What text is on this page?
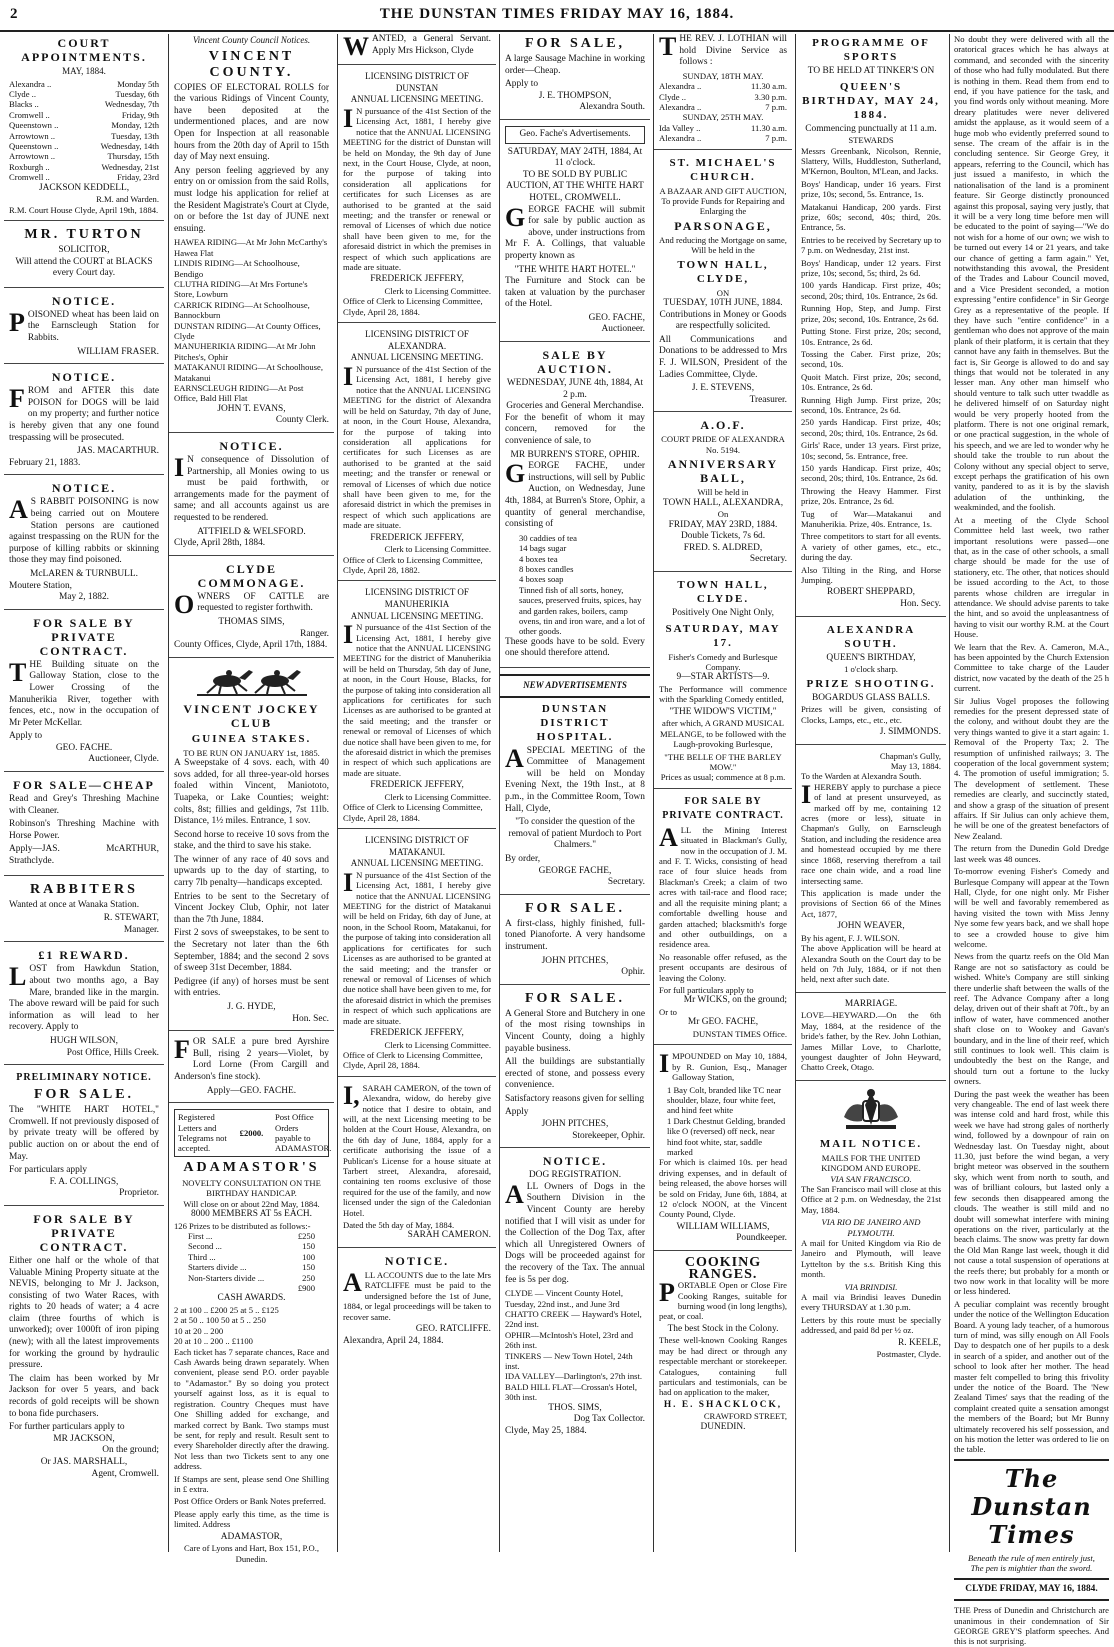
2	THE DUNSTAN TIMES FRIDAY MAY 16, 1884.
COURT APPOINTMENTS.
MAY, 1884.
Alexandra ..	Monday 5th
Clyde ..	Tuesday, 6th
Blacks ..	Wednesday, 7th
Cromwell ..	Friday, 9th
Queenstown ..	Monday, 12th
Arrowtown ..	Tuesday, 13th
Queenstown ..	Wednesday, 14th
Arrowtown ..	Thursday, 15th
Roxburgh ..	Wednesday, 21st
Cromwell ..	Friday, 23rd
JACKSON KEDDELL,
R.M. and Warden.
R.M. Court House Clyde, April 19th, 1884.
MR. TURTON
SOLICITOR,

Will attend the COURT at BLACKS every Court day.

NOTICE.

POISONED wheat has been laid on the Earnscleugh Station for Rabbits.

WILLIAM FRASER.
NOTICE.

FROM and AFTER this date POISON for DOGS will be laid on my property; and further notice is hereby given that any one found trespassing will be prosecuted.

JAS. MACARTHUR.
February 21, 1883.
NOTICE.

AS RABBIT POISONING is now being carried out on Moutere Station persons are cautioned against trespassing on the RUN for the purpose of killing rabbits or skinning those they may find poisoned.

McLAREN & TURNBULL.
Moutere Station,
May 2, 1882.
FOR SALE BY PRIVATE CONTRACT.

THE Building situate on the Galloway Station, close to the Lower Crossing of the Manuherikia River, together with fences, etc., now in the occupation of Mr Peter McKellar.

Apply to
GEO. FACHE.
Auctioneer, Clyde.
FOR SALE—CHEAP

Read and Grey's Threshing Machine with Cleaner.

Robinson's Threshing Machine with Horse Power.

Apply—JAS. McARTHUR, Strathclyde.

RABBITERS

Wanted at once at Wanaka Station.

R. STEWART,
Manager.
£1 REWARD.

LOST from Hawkdun Station, about two months ago, a Bay Mare, branded like in the margin. The above reward will be paid for such information as will lead to her recovery. Apply to

HUGH WILSON,
Post Office, Hills Creek.
PRELIMINARY NOTICE.
FOR SALE.

The "WHITE HART HOTEL," Cromwell. If not previously disposed of by private treaty will be offered by public auction on or about the end of May.

For particulars apply
F. A. COLLINGS,
Proprietor.
FOR SALE BY PRIVATE CONTRACT.

Either one half or the whole of that Valuable Mining Property situate at the NEVIS, belonging to Mr J. Jackson, consisting of two Water Races, with rights to 20 heads of water; a 4 acre claim (three fourths of which is unworked); over 1000ft of iron piping (new); with all the latest improvements for working the ground by hydraulic pressure.

The claim has been worked by Mr Jackson for over 5 years, and back records of gold receipts will be shown to bona fide purchasers.

For further particulars apply to
MR JACKSON,
On the ground;
Or JAS. MARSHALL,
Agent, Cromwell.
Vincent County Council Notices.
VINCENT COUNTY.

COPIES OF ELECTORAL ROLLS for the various Ridings of Vincent County, have been deposited at the undermentioned places, and are now Open for Inspection at all reasonable hours from the 20th day of April to 15th day of May next ensuing.

Any person feeling aggrieved by any entry on or omission from the said Rolls, must lodge his application for relief at the Resident Magistrate's Court at Clyde, on or before the 1st day of JUNE next ensuing.

HAWEA RIDING—At Mr John McCarthy's Hawea Flat
LINDIS RIDING—At Schoolhouse, Bendigo
CLUTHA RIDING—At Mrs Fortune's Store, Lowburn
CARRICK RIDING—At Schoolhouse, Bannockburn
DUNSTAN RIDING—At County Offices, Clyde
MANUHERIKIA RIDING—At Mr John Pitches's, Ophir
MATAKANUI RIDING—At Schoolhouse, Matakanui
EARNSCLEUGH RIDING—At Post Office, Bald Hill Flat
JOHN T. EVANS,
County Clerk.
NOTICE.

IN consequence of Dissolution of Partnership, all Monies owing to us must be paid forthwith, or arrangements made for the payment of same; and all accounts against us are requested to be rendered.

ATTFIELD & WELSFORD.
Clyde, April 28th, 1884.
CLYDE COMMONAGE.

OWNERS OF CATTLE are requested to register forthwith.

THOMAS SIMS,
Ranger.
County Offices, Clyde, April 17th, 1884.
VINCENT JOCKEY CLUB
GUINEA STAKES.
TO BE RUN ON JANUARY 1st, 1885.

A Sweepstake of 4 sovs. each, with 40 sovs added, for all three-year-old horses foaled within Vincent, Maniototo, Tuapeka, or Lake Counties; weight: colts, 8st; fillies and geldings, 7st 11lb. Distance, 1½ miles. Entrance, 1 sov.

Second horse to receive 10 sovs from the stake, and the third to save his stake.

The winner of any race of 40 sovs and upwards up to the day of starting, to carry 7lb penalty—handicaps excepted.

Entries to be sent to the Secretary of Vincent Jockey Club, Ophir, not later than the 7th June, 1884.

First 2 sovs of sweepstakes, to be sent to the Secretary not later than the 6th September, 1884; and the second 2 sovs of sweep 31st December, 1884.

Pedigree (if any) of horses must be sent with entries.

J. G. HYDE,
Hon. Sec.

FOR SALE a pure bred Ayrshire Bull, rising 2 years—Violet, by Lord Lorne (From Cargill and Anderson's fine stock).

Apply—GEO. FACHE.
Registered Letters and Telegrams not accepted.
£2000.
Post Office Orders payable to ADAMASTOR.
ADAMASTOR'S
NOVELTY CONSULTATION ON THE BIRTHDAY HANDICAP.
Will close on or about 22nd May, 1884.
8000 MEMBERS AT 5s EACH.
126 Prizes to be distributed as follows:-
First ...	£250
Second ...	150
Third ...	100
Starters divide ...	150
Non-Starters divide ...	250
£900
CASH AWARDS.
2 at 100 .. £200 25 at 5 .. £125
2 at 50 .. 100 50 at 5 .. 250
10 at 20 .. 200
20 at 10 .. 200 .. £1100

Each ticket has 7 separate chances, Race and Cash Awards being drawn separately. When convenient, please send P.O. order payable to "Adamastor." By so doing you protect yourself against loss, as it is equal to registration. Country Cheques must have One Shilling added for exchange, and marked correct by Bank. Two stamps must be sent, for reply and result. Result sent to every Shareholder directly after the drawing. Not less than two Tickets sent to any one address.

If Stamps are sent, please send One Shilling in £ extra.

Post Office Orders or Bank Notes preferred.

Please apply early this time, as the time is limited. Address

ADAMASTOR,
Care of Lyons and Hart, Box 151, P.O., Dunedin.

WANTED, a General Servant. Apply Mrs Hickson, Clyde

LICENSING DISTRICT OF DUNSTAN
ANNUAL LICENSING MEETING.

IN pursuance of the 41st Section of the Licensing Act, 1881, I hereby give notice that the ANNUAL LICENSING MEETING for the district of Dunstan will be held on Monday, the 9th day of June next, in the Court House, Clyde, at noon, for the purpose of taking into consideration all applications for certificates for such Licenses as are authorised to be granted at the said meeting; and the transfer or renewal or removal of Licenses of which due notice shall have been given to me, for the aforesaid district in which the premises in respect of which such applications are made are situate.

FREDERICK JEFFERY,
Clerk to Licensing Committee.
Office of Clerk to Licensing Committee, Clyde, April 28, 1884.
LICENSING DISTRICT OF ALEXANDRA.
ANNUAL LICENSING MEETING.

IN pursuance of the 41st Section of the Licensing Act, 1881, I hereby give notice that the ANNUAL LICENSING MEETING for the district of Alexandra will be held on Saturday, 7th day of June, at noon, in the Court House, Alexandra, for the purpose of taking into consideration all applications for certificates for such Licenses as are authorised to be granted at the said meeting; and the transfer or renewal or removal of Licenses of which due notice shall have been given to me, for the aforesaid district in which the premises in respect of which such applications are made are situate.

FREDERICK JEFFERY,
Clerk to Licensing Committee.
Office of Clerk to Licensing Committee, Clyde, April 28, 1882.
LICENSING DISTRICT OF MANUHERIKIA
ANNUAL LICENSING MEETING.

IN pursuance of the 41st Section of the Licensing Act, 1881, I hereby give notice that the ANNUAL LICENSING MEETING for the district of Manuherikia will be held on Thursday, 5th day of June, at noon, in the Court House, Blacks, for the purpose of taking into consideration all applications for certificates for such Licenses as are authorised to be granted at the said meeting; and the transfer or renewal or removal of Licenses of which due notice shall have been given to me, for the aforesaid district in which the premises in respect of which such applications are made are situate.

FREDERICK JEFFERY,
Clerk to Licensing Committee.
Office of Clerk to Licensing Committee, Clyde, April 28, 1884.
LICENSING DISTRICT OF MATAKANUI.
ANNUAL LICENSING MEETING.

IN pursuance of the 41st Section of the Licensing Act, 1881, I hereby give notice that the ANNUAL LICENSING MEETING for the district of Matakanui will be held on Friday, 6th day of June, at noon, in the School Room, Matakanui, for the purpose of taking into consideration all applications for certificates for such Licenses as are authorised to be granted at the said meeting; and the transfer or renewal or removal of Licenses of which due notice shall have been given to me, for the aforesaid district in which the premises in respect of which such applications are made are situate.

FREDERICK JEFFERY,
Clerk to Licensing Committee.
Office of Clerk to Licensing Committee, Clyde, April 28, 1884.

I,SARAH CAMERON, of the town of Alexandra, widow, do hereby give notice that I desire to obtain, and will, at the next Licensing meeting to be holden at the Court House, Alexandra, on the 6th day of June, 1884, apply for a certificate authorising the issue of a Publican's License for a house situate at Tarbert street, Alexandra, aforesaid, containing ten rooms exclusive of those required for the use of the family, and now licensed under the sign of the Caledonian Hotel.

Dated the 5th day of May, 1884.
SARAH CAMERON.
NOTICE.

ALL ACCOUNTS due to the late Mrs RATCLIFFE must be paid to the undersigned before the 1st of June, 1884, or legal proceedings will be taken to recover same.

GEO. RATCLIFFE.
Alexandra, April 24, 1884.
FOR SALE,

A large Sausage Machine in working order—Cheap.

Apply to
J. E. THOMPSON,
Alexandra South.
Geo. Fache's Advertisements.
SATURDAY, MAY 24TH, 1884, At 11 o'clock.
TO BE SOLD BY PUBLIC AUCTION, AT THE WHITE HART HOTEL, CROMWELL.

GEORGE FACHE will submit for sale by public auction as above, under instructions from Mr F. A. Collings, that valuable property known as

"THE WHITE HART HOTEL."

The Furniture and Stock can be taken at valuation by the purchaser of the Hotel.

GEO. FACHE,
Auctioneer.
SALE BY AUCTION.
WEDNESDAY, JUNE 4th, 1884, At 2 p.m.
Groceries and General Merchandise.

For the benefit of whom it may concern, removed for the convenience of sale, to

MR BURREN'S STORE, OPHIR.

GEORGE FACHE, under instructions, will sell by Public Auction, on Wednesday, June 4th, 1884, at Burren's Store, Ophir, a quantity of general merchandise, consisting of

30 caddies of tea
14 bags sugar
4 boxes tea
8 boxes candles
4 boxes soap
Tinned fish of all sorts, honey, sauces, preserved fruits, spices, hay and garden rakes, boilers, camp ovens, tin and iron ware, and a lot of other goods.

These goods have to be sold. Every one should therefore attend.

NEW ADVERTISEMENTS
DUNSTAN DISTRICT HOSPITAL.

ASPECIAL MEETING of the Committee of Management will be held on Monday Evening Next, the 19th Inst., at 8 p.m., in the Committee Room, Town Hall, Clyde,

"To consider the question of the removal of patient Murdoch to Port Chalmers."

By order,
GEORGE FACHE,
Secretary.
FOR SALE.

A first-class, highly finished, full-toned Pianoforte. A very handsome instrument.

JOHN PITCHES,
Ophir.
FOR SALE.

A General Store and Butchery in one of the most rising townships in Vincent County, doing a highly payable business.

All the buildings are substantially erected of stone, and possess every convenience.

Satisfactory reasons given for selling

Apply
JOHN PITCHES,
Storekeeper, Ophir.
NOTICE.
DOG REGISTRATION.

ALL Owners of Dogs in the Southern Division in the Vincent County are hereby notified that I will visit as under for the Collection of the Dog Tax, after which all Unregistered Owners of Dogs will be proceeded against for the recovery of the Tax. The annual fee is 5s per dog.

CLYDE — Vincent County Hotel, Tuesday, 22nd inst., and June 3rd
CHATTO CREEK — Hayward's Hotel, 22nd inst.
OPHIR—McIntosh's Hotel, 23rd and 26th inst.
TINKERS — New Town Hotel, 24th inst.
IDA VALLEY—Darlington's, 27th inst.
BALD HILL FLAT—Crossan's Hotel, 30th inst.
THOS. SIMS,
Dog Tax Collector.
Clyde, May 25, 1884.

THE REV. J. LOTHIAN will hold Divine Service as follows :

SUNDAY, 18TH MAY.
Alexandra ..	11.30 a.m.
Clyde ..	3.30 p.m.
Alexandra ..	7 p.m.
SUNDAY, 25TH MAY.
Ida Valley ..	11.30 a.m.
Alexandra ..	7 p.m.
ST. MICHAEL'S CHURCH.
A BAZAAR AND GIFT AUCTION,
To provide Funds for Repairing and Enlarging the
PARSONAGE,
And reducing the Mortgage on same, Will be held in the
TOWN HALL, CLYDE,
ON
TUESDAY, 10TH JUNE, 1884.

Contributions in Money or Goods are respectfully solicited.

All Communications and Donations to be addressed to Mrs F. J. WILSON, President of the Ladies Committee, Clyde.

J. E. STEVENS,
Treasurer.
A.O.F.
COURT PRIDE OF ALEXANDRA No. 5194.
ANNIVERSARY BALL,
Will be held in
TOWN HALL, ALEXANDRA,
On
FRIDAY, MAY 23RD, 1884.
Double Tickets, 7s 6d.
FRED. S. ALDRED,
Secretary.
TOWN HALL, CLYDE.
Positively One Night Only,
SATURDAY, MAY 17.
Fisher's Comedy and Burlesque Company.
9—STAR ARTISTS—9.

The Performance will commence with the Sparkling Comedy entitled,

"THE WIDOW'S VICTIM,"

after which, A GRAND MUSICAL MELANGE, to be followed with the Laugh-provoking Burlesque,

"THE BELLE OF THE BARLEY MOW."
Prices as usual; commence at 8 p.m.
FOR SALE BY PRIVATE CONTRACT.

ALL the Mining Interest situated in Blackman's Gully, now in the occupation of J. M. and F. T. Wicks, consisting of head race of four sluice heads from Blackman's Creek; a claim of two acres with tail-race and flood race; and all the requisite mining plant; a comfortable dwelling house and garden attached; blacksmith's forge and other outbuildings, on a residence area.

No reasonable offer refused, as the present occupants are desirous of leaving the Colony.

For full particulars apply to
Mr WICKS, on the ground;
Or to
Mr GEO. FACHE,
DUNSTAN TIMES Office.

IMPOUNDED on May 10, 1884, by R. Gunion, Esq., Manager Galloway Station,

1 Bay Colt, branded like TC near shoulder, blaze, four white feet, and hind feet white
1 Dark Chestnut Gelding, branded like O (reversed) off neck, near hind foot white, star, saddle marked

For which is claimed 10s. per head driving expenses, and in default of being released, the above horses will be sold on Friday, June 6th, 1884, at 12 o'clock NOON, at the Vincent County Pound, Clyde.

WILLIAM WILLIAMS,
Poundkeeper.
COOKING RANGES.

PORTABLE Open or Close Fire Cooking Ranges, suitable for burning wood (in long lengths), peat, or coal.

The best Stock in the Colony.

These well-known Cooking Ranges may be had direct or through any respectable merchant or storekeeper. Catalogues, containing full particulars and testimonials, can be had on application to the maker,

H. E. SHACKLOCK,
CRAWFORD STREET,
DUNEDIN.
PROGRAMME OF SPORTS
TO BE HELD AT TINKER'S ON
QUEEN'S BIRTHDAY, MAY 24, 1884.
Commencing punctually at 11 a.m.
STEWARDS

Messrs Greenbank, Nicolson, Rennie, Slattery, Wills, Huddleston, Sutherland, M'Kernon, Boulton, M'Lean, and Jacks.

Boys' Handicap, under 16 years. First prize, 10s; second, 5s. Entrance, 1s.

Matakanui Handicap, 200 yards. First prize, 60s; second, 40s; third, 20s. Entrance, 5s.

Entries to be received by Secretary up to 7 p.m. on Wednesday, 21st inst.

Boys' Handicap, under 12 years. First prize, 10s; second, 5s; third, 2s 6d.

100 yards Handicap. First prize, 40s; second, 20s; third, 10s. Entrance, 2s 6d.

Running Hop, Step, and Jump. First prize, 20s; second, 10s. Entrance, 2s 6d.

Putting Stone. First prize, 20s; second, 10s. Entrance, 2s 6d.

Tossing the Caber. First prize, 20s; second, 10s.

Quoit Match. First prize, 20s; second, 10s. Entrance, 2s 6d.

Running High Jump. First prize, 20s; second, 10s. Entrance, 2s 6d.

250 yards Handicap. First prize, 40s; second, 20s; third, 10s. Entrance, 2s 6d.

Girls' Race, under 13 years. First prize, 10s; second, 5s. Entrance, free.

150 yards Handicap. First prize, 40s; second, 20s; third, 10s. Entrance, 2s 6d.

Throwing the Heavy Hammer. First prize, 20s. Entrance, 2s 6d.

Tug of War—Matakanui and Manuherikia. Prize, 40s. Entrance, 1s.

Three competitors to start for all events. A variety of other games, etc., etc., during the day.

Also Tilting in the Ring, and Horse Jumping.

ROBERT SHEPPARD,
Hon. Secy.
ALEXANDRA SOUTH.
QUEEN'S BIRTHDAY,
1 o'clock sharp.
PRIZE SHOOTING.
BOGARDUS GLASS BALLS.

Prizes will be given, consisting of Clocks, Lamps, etc., etc., etc.

J. SIMMONDS.
Chapman's Gully,
May 13, 1884.
To the Warden at Alexandra South.

IHEREBY apply to purchase a piece of land at present unsurveyed, as marked off by me, containing 12 acres (more or less), situate in Chapman's Gully, on Earnscleugh Station, and including the residence area and homestead occupied by me there since 1868, reserving therefrom a tail race one chain wide, and a road line intersecting same.

This application is made under the provisions of Section 66 of the Mines Act, 1877,

JOHN WEAVER,
By his agent, F. J. WILSON.

The above Application will be heard at Alexandra South on the Court day to be held on 7th July, 1884, or if not then held, next after such date.

MARRIAGE.

LOVE—HEYWARD.—On the 6th May, 1884, at the residence of the bride's father, by the Rev. John Lothian, James Millar Love, to Charlotte, youngest daughter of John Heyward, Chatto Creek, Otago.

MAIL NOTICE.
MAILS FOR THE UNITED KINGDOM AND EUROPE.
VIA SAN FRANCISCO.

The San Francisco mail will close at this Office at 2 p.m. on Wednesday, the 21st May, 1884.

VIA RIO DE JANEIRO AND PLYMOUTH.

A mail for United Kingdom via Rio de Janeiro and Plymouth, will leave Lyttelton by the s.s. British King this month.

VIA BRINDISI.

A mail via Brindisi leaves Dunedin every THURSDAY at 1.30 p.m.

Letters by this route must be specially addressed, and paid 8d per ½ oz.

R. KEELE,
Postmaster, Clyde.

No doubt they were delivered with all the oratorical graces which he has always at command, and seconded with the sincerity of those who had fully modulated. But there is nothing in them. Read them from end to end, if you have patience for the task, and you find words only without meaning. More dreary platitudes were never delivered amidst the applause, as it would seem of a huge mob who evidently preferred sound to sense. The cream of the affair is in the concluding sentence. Sir George Grey, it appears, referring to the Council, which has just issued a manifesto, in which the nationalisation of the land is a prominent feature. Sir George distinctly pronounced against this proposal, saying very justly, that it will be a very long time before men will be educated to the point of saying—"We do not wish for a home of our own; we wish to be turned out every 14 or 21 years, and take our chance of getting a farm again." Yet, notwithstanding this avowal, the President of the Trades and Labour Council moved, and a Vice President seconded, a motion expressing "entire confidence" in Sir George Grey as a representative of the people. If they have such "entire confidence" in a gentleman who does not approve of the main plank of their platform, it is certain that they cannot have any faith in themselves. But the fact is, Sir George is allowed to do and say things that would not be tolerated in any lesser man. Any other man himself who should venture to talk such utter twaddle as he delivered himself of on Saturday night would be very properly hooted from the platform. There is not one original remark, or one practical suggestion, in the whole of his speech, and we are led to wonder why he should take the trouble to run about the Colony without any special object to serve, except perhaps the gratification of his own vanity, pandered to as it is by the slavish adulation of the unthinking, the weakminded, and the foolish.

At a meeting of the Clyde School Committee held last week, two rather important resolutions were passed—one that, as in the case of other schools, a small charge should be made for the use of stationery, etc. The other, that notices should be issued according to the Act, to those parents whose children are irregular in attendance. We should advise parents to take the hint, and so avoid the unpleasantness of having to visit our worthy R.M. at the Court House.

We learn that the Rev. A. Cameron, M.A., has been appointed by the Church Extension Committee to take charge of the Lauder district, now vacated by the death of the 25 h current.

Sir Julius Vogel proposes the following remedies for the present depressed state of the colony, and without doubt they are the very things wanted to give it a start again: 1. Removal of the Property Tax; 2. The resumption of unfinished railways; 3. The cooperation of the local government system; 4. The promotion of useful immigration; 5. The development of settlement. These remedies are clearly, and succinctly stated, and show a grasp of the situation of present affairs. If Sir Julius can only achieve them, he will be one of the greatest benefactors of New Zealand.

The return from the Dunedin Gold Dredge last week was 48 ounces.

To-morrow evening Fisher's Comedy and Burlesque Company will appear at the Town Hall, Clyde, for one night only. Mr Fisher will be well and favorably remembered as having visited the town with Miss Jenny Nye some few years back, and we shall hope to see a crowded house to give him welcome.

News from the quartz reefs on the Old Man Range are not so satisfactory as could be wished. White's Company are still sinking there underlie shaft between the walls of the reef. The Advance Company after a long delay, driven out of their shaft at 70ft., by an inflow of water, have commenced another shaft close on to Wookey and Gavan's boundary, and in the line of their reef, which still continues to look well. This claim is undoubtedly the best on the Range, and should turn out a fortune to the lucky owners.

During the past week the weather has been very changeable. The end of last week there was intense cold and hard frost, while this week we have had strong gales of northerly wind, followed by a downpour of rain on Wednesday last. On Tuesday night, about 11.30, just before the wind began, a very bright meteor was observed in the southern sky, which went from north to south, and was of brilliant colours, but lasted only a few seconds then disappeared among the clouds. The weather is still mild and no doubt will somewhat interfere with mining operations on the river, particularly at the beach claims. The snow was pretty far down the Old Man Range last week, though it did not cause a total suspension of operations at the reefs there; but probably for a month or two now work in that locality will be more or less hindered.

A peculiar complaint was recently brought under the notice of the Wellington Education Board. A young lady teacher, of a humorous turn of mind, was silly enough on All Fools Day to despatch one of her pupils to a desk in search of a spider, and another out of the school to look after her mother. The head master felt compelled to bring this frivolity under the notice of the Board. The 'New Zealand Times' says that the reading of the complaint created quite a sensation amongst the members of the Board; but Mr Bunny ultimately recovered his self possession, and on his motion the letter was ordered to lie on the table.

The Dunstan Times
Beneath the rule of men entirely just,
The pen is mightier than the sword.
CLYDE FRIDAY, MAY 16, 1884.

THE Press of Dunedin and Christchurch are unanimous in their condemnation of Sir GEORGE GREY'S platform speeches. And this is not surprising.
